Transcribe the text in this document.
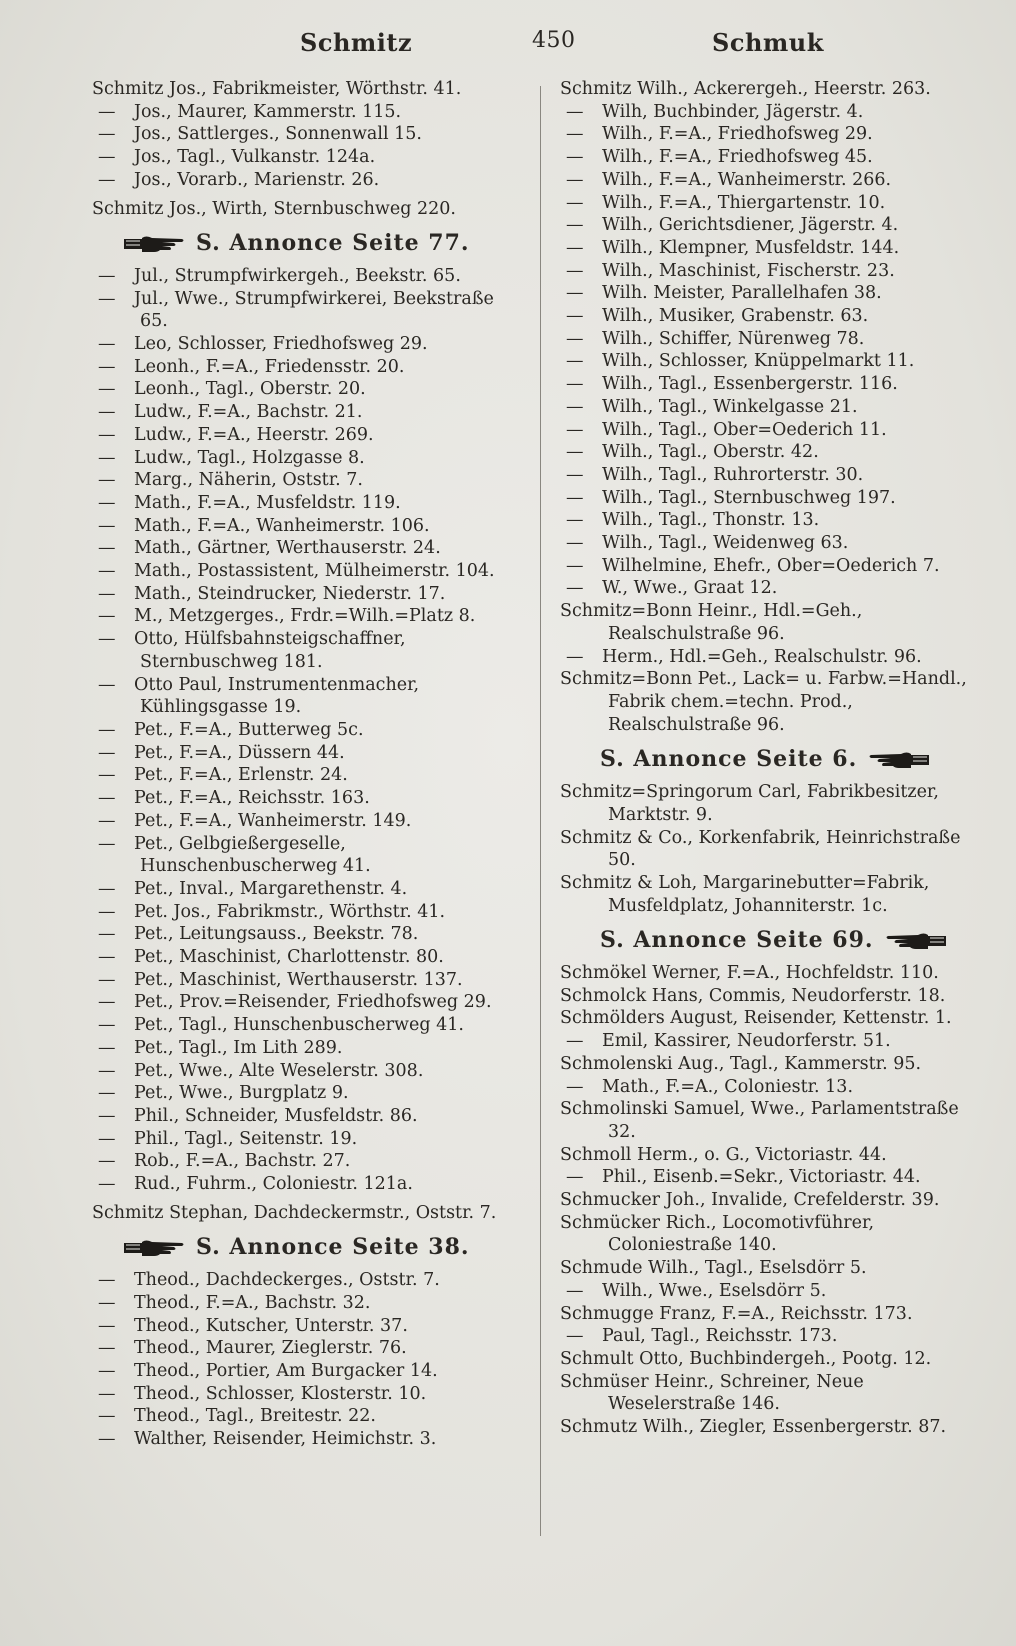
Schmitz	450	Schmuk
Schmitz Jos., Fabrikmeister, Wörthstr. 41.
— Jos., Maurer, Kammerstr. 115.
— Jos., Sattlerges., Sonnenwall 15.
— Jos., Tagl., Vulkanstr. 124a.
— Jos., Vorarb., Marienstr. 26.
Schmitz Jos., Wirth, Sternbuschweg 220.
S. Annonce Seite 77.
— Jul., Strumpfwirkergeh., Beekstr. 65.
— Jul., Wwe., Strumpfwirkerei, Beekstraße 65.
— Leo, Schlosser, Friedhofsweg 29.
— Leonh., F.=A., Friedensstr. 20.
— Leonh., Tagl., Oberstr. 20.
— Ludw., F.=A., Bachstr. 21.
— Ludw., F.=A., Heerstr. 269.
— Ludw., Tagl., Holzgasse 8.
— Marg., Näherin, Oststr. 7.
— Math., F.=A., Musfeldstr. 119.
— Math., F.=A., Wanheimerstr. 106.
— Math., Gärtner, Werthauserstr. 24.
— Math., Postassistent, Mülheimerstr. 104.
— Math., Steindrucker, Niederstr. 17.
— M., Metzgerges., Frdr.=Wilh.=Platz 8.
— Otto, Hülfsbahnsteigschaffner, Sternbuschweg 181.
— Otto Paul, Instrumentenmacher, Kühlingsgasse 19.
— Pet., F.=A., Butterweg 5c.
— Pet., F.=A., Düssern 44.
— Pet., F.=A., Erlenstr. 24.
— Pet., F.=A., Reichsstr. 163.
— Pet., F.=A., Wanheimerstr. 149.
— Pet., Gelbgießergeselle, Hunschenbuscherweg 41.
— Pet., Inval., Margarethenstr. 4.
— Pet. Jos., Fabrikmstr., Wörthstr. 41.
— Pet., Leitungsauss., Beekstr. 78.
— Pet., Maschinist, Charlottenstr. 80.
— Pet., Maschinist, Werthauserstr. 137.
— Pet., Prov.=Reisender, Friedhofsweg 29.
— Pet., Tagl., Hunschenbuscherweg 41.
— Pet., Tagl., Im Lith 289.
— Pet., Wwe., Alte Weselerstr. 308.
— Pet., Wwe., Burgplatz 9.
— Phil., Schneider, Musfeldstr. 86.
— Phil., Tagl., Seitenstr. 19.
— Rob., F.=A., Bachstr. 27.
— Rud., Fuhrm., Coloniestr. 121a.
Schmitz Stephan, Dachdeckermstr., Oststr. 7.
S. Annonce Seite 38.
— Theod., Dachdeckerges., Oststr. 7.
— Theod., F.=A., Bachstr. 32.
— Theod., Kutscher, Unterstr. 37.
— Theod., Maurer, Zieglerstr. 76.
— Theod., Portier, Am Burgacker 14.
— Theod., Schlosser, Klosterstr. 10.
— Theod., Tagl., Breitestr. 22.
— Walther, Reisender, Heimichstr. 3.
Schmitz Wilh., Ackerergeh., Heerstr. 263.
— Wilh, Buchbinder, Jägerstr. 4.
— Wilh., F.=A., Friedhofsweg 29.
— Wilh., F.=A., Friedhofsweg 45.
— Wilh., F.=A., Wanheimerstr. 266.
— Wilh., F.=A., Thiergartenstr. 10.
— Wilh., Gerichtsdiener, Jägerstr. 4.
— Wilh., Klempner, Musfeldstr. 144.
— Wilh., Maschinist, Fischerstr. 23.
— Wilh. Meister, Parallelhafen 38.
— Wilh., Musiker, Grabenstr. 63.
— Wilh., Schiffer, Nürenweg 78.
— Wilh., Schlosser, Knüppelmarkt 11.
— Wilh., Tagl., Essenbergerstr. 116.
— Wilh., Tagl., Winkelgasse 21.
— Wilh., Tagl., Ober=Oederich 11.
— Wilh., Tagl., Oberstr. 42.
— Wilh., Tagl., Ruhrorterstr. 30.
— Wilh., Tagl., Sternbuschweg 197.
— Wilh., Tagl., Thonstr. 13.
— Wilh., Tagl., Weidenweg 63.
— Wilhelmine, Ehefr., Ober=Oederich 7.
— W., Wwe., Graat 12.
Schmitz=Bonn Heinr., Hdl.=Geh., Realschulstraße 96.
— Herm., Hdl.=Geh., Realschulstr. 96.
Schmitz=Bonn Pet., Lack= u. Farbw.=Handl., Fabrik chem.=techn. Prod., Realschulstraße 96.
S. Annonce Seite 6.
Schmitz=Springorum Carl, Fabrikbesitzer, Marktstr. 9.
Schmitz & Co., Korkenfabrik, Heinrichstraße 50.
Schmitz & Loh, Margarinebutter=Fabrik, Musfeldplatz, Johanniterstr. 1c.
S. Annonce Seite 69.
Schmökel Werner, F.=A., Hochfeldstr. 110.
Schmolck Hans, Commis, Neudorferstr. 18.
Schmölders August, Reisender, Kettenstr. 1.
— Emil, Kassirer, Neudorferstr. 51.
Schmolenski Aug., Tagl., Kammerstr. 95.
— Math., F.=A., Coloniestr. 13.
Schmolinski Samuel, Wwe., Parlamentstraße 32.
Schmoll Herm., o. G., Victoriastr. 44.
— Phil., Eisenb.=Sekr., Victoriastr. 44.
Schmucker Joh., Invalide, Crefelderstr. 39.
Schmücker Rich., Locomotivführer, Coloniestraße 140.
Schmude Wilh., Tagl., Eselsdörr 5.
— Wilh., Wwe., Eselsdörr 5.
Schmugge Franz, F.=A., Reichsstr. 173.
— Paul, Tagl., Reichsstr. 173.
Schmult Otto, Buchbindergeh., Pootg. 12.
Schmüser Heinr., Schreiner, Neue Weselerstraße 146.
Schmutz Wilh., Ziegler, Essenbergerstr. 87.
